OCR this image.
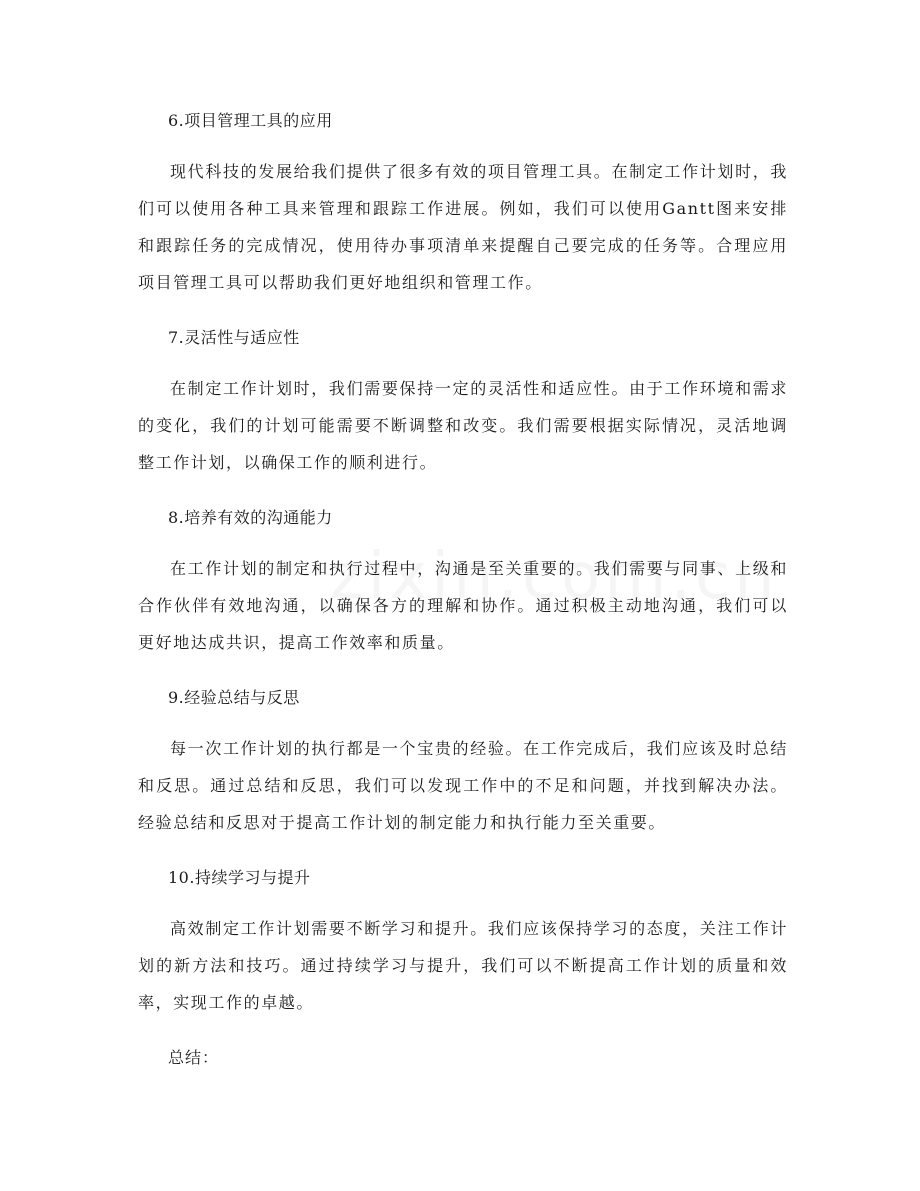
6.项目管理工具的应用

现代科技的发展给我们提供了很多有效的项目管理工具。在制定工作计划时，我们可以使用各种工具来管理和跟踪工作进展。例如，我们可以使用Gantt图来安排和跟踪任务的完成情况，使用待办事项清单来提醒自己要完成的任务等。合理应用项目管理工具可以帮助我们更好地组织和管理工作。

7.灵活性与适应性

在制定工作计划时，我们需要保持一定的灵活性和适应性。由于工作环境和需求的变化，我们的计划可能需要不断调整和改变。我们需要根据实际情况，灵活地调整工作计划，以确保工作的顺利进行。

8.培养有效的沟通能力

在工作计划的制定和执行过程中，沟通是至关重要的。我们需要与同事、上级和合作伙伴有效地沟通，以确保各方的理解和协作。通过积极主动地沟通，我们可以更好地达成共识，提高工作效率和质量。

9.经验总结与反思

每一次工作计划的执行都是一个宝贵的经验。在工作完成后，我们应该及时总结和反思。通过总结和反思，我们可以发现工作中的不足和问题，并找到解决办法。经验总结和反思对于提高工作计划的制定能力和执行能力至关重要。

10.持续学习与提升

高效制定工作计划需要不断学习和提升。我们应该保持学习的态度，关注工作计划的新方法和技巧。通过持续学习与提升，我们可以不断提高工作计划的质量和效率，实现工作的卓越。

总结：
